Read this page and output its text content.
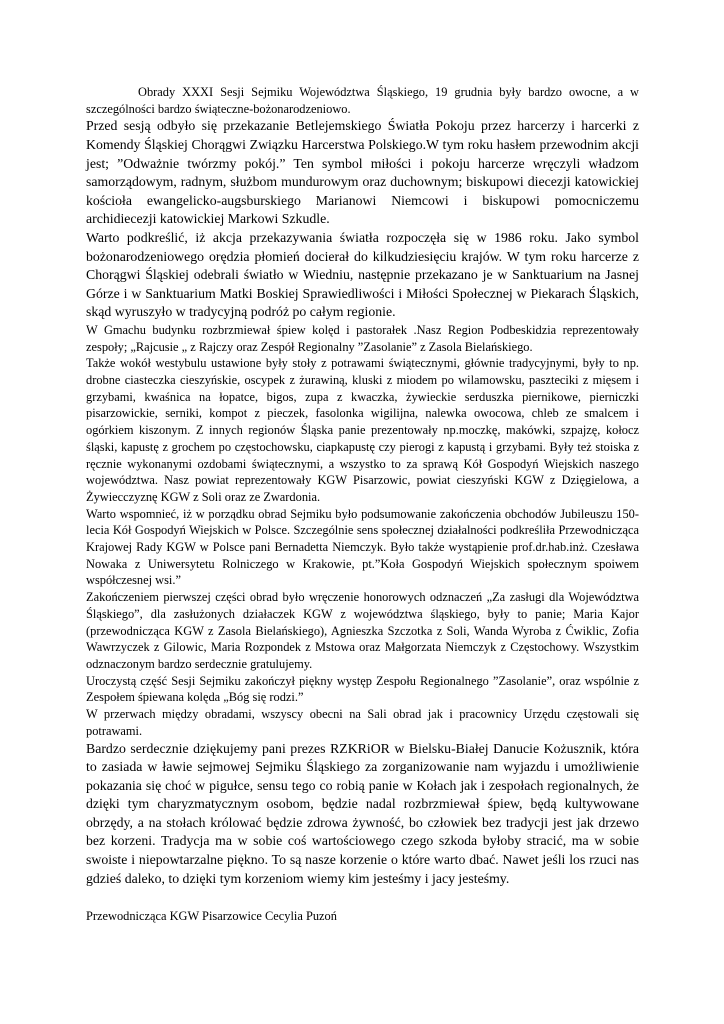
Obrady XXXI Sesji Sejmiku Województwa Śląskiego, 19 grudnia były bardzo owocne, a w szczególności bardzo świąteczne-bożonarodzeniowo.

Przed sesją odbyło się przekazanie Betlejemskiego Światła Pokoju przez harcerzy i harcerki z Komendy Śląskiej Chorągwi Związku Harcerstwa Polskiego.W tym roku hasłem przewodnim akcji jest; ”Odważnie twórzmy pokój.” Ten symbol miłości i pokoju harcerze wręczyli władzom samorządowym, radnym, służbom mundurowym oraz duchownym; biskupowi diecezji katowickiej kościoła ewangelicko-augsburskiego Marianowi Niemcowi i biskupowi pomocniczemu archidiecezji katowickiej Markowi Szkudle.

Warto podkreślić, iż akcja przekazywania światła rozpoczęła się w 1986 roku. Jako symbol bożonarodzeniowego orędzia płomień docierał do kilkudziesięciu krajów. W tym roku harcerze z Chorągwi Śląskiej odebrali światło w Wiedniu, następnie przekazano je w Sanktuarium na Jasnej Górze i w Sanktuarium Matki Boskiej Sprawiedliwości i Miłości Społecznej w Piekarach Śląskich, skąd wyruszyło w tradycyjną podróż po całym regionie.

W Gmachu budynku rozbrzmiewał śpiew kolęd i pastorałek .Nasz Region Podbeskidzia reprezentowały zespoły; „Rajcusie „ z Rajczy oraz Zespół Regionalny ”Zasolanie” z Zasola Bielańskiego.

Także wokół westybulu ustawione były stoły z potrawami świątecznymi, głównie tradycyjnymi, były to np. drobne ciasteczka cieszyńskie, oscypek z żurawiną, kluski z miodem po wilamowsku, paszteciki z mięsem i grzybami, kwaśnica na łopatce, bigos, zupa z kwaczka, żywieckie serduszka piernikowe, pierniczki pisarzowickie, serniki, kompot z pieczek, fasolonka wigilijna, nalewka owocowa, chleb ze smalcem i ogórkiem kiszonym. Z innych regionów Śląska panie prezentowały np.moczkę, makówki, szpajzę, kołocz śląski, kapustę z grochem po częstochowsku, ciapkapustę czy pierogi z kapustą i grzybami. Były też stoiska z ręcznie wykonanymi ozdobami świątecznymi, a wszystko to za sprawą Kół Gospodyń Wiejskich naszego województwa. Nasz powiat reprezentowały KGW Pisarzowic, powiat cieszyński KGW z Dzięgielowa, a Żywiecczyznę KGW z Soli oraz ze Zwardonia.

Warto wspomnieć, iż w porządku obrad Sejmiku było podsumowanie zakończenia obchodów Jubileuszu 150-lecia Kół Gospodyń Wiejskich w Polsce. Szczególnie sens społecznej działalności podkreśliła Przewodnicząca Krajowej Rady KGW w Polsce pani Bernadetta Niemczyk. Było także wystąpienie prof.dr.hab.inż. Czesława Nowaka z Uniwersytetu Rolniczego w Krakowie, pt.”Koła Gospodyń Wiejskich społecznym spoiwem współczesnej wsi.”

Zakończeniem pierwszej części obrad było wręczenie honorowych odznaczeń „Za zasługi dla Województwa Śląskiego”, dla zasłużonych działaczek KGW z województwa śląskiego, były to panie; Maria Kajor (przewodnicząca KGW z Zasola Bielańskiego), Agnieszka Szczotka z Soli, Wanda Wyroba z Ćwiklic, Zofia Wawrzyczek z Gilowic, Maria Rozpondek z Mstowa oraz Małgorzata Niemczyk z Częstochowy. Wszystkim odznaczonym bardzo serdecznie gratulujemy.

Uroczystą część Sesji Sejmiku zakończył piękny występ Zespołu Regionalnego ”Zasolanie”, oraz wspólnie z Zespołem śpiewana kolęda „Bóg się rodzi.”

W przerwach między obradami, wszyscy obecni na Sali obrad jak i pracownicy Urzędu częstowali się potrawami.

Bardzo serdecznie dziękujemy pani prezes RZKRiOR w Bielsku-Białej Danucie Kożusznik, która to zasiada w ławie sejmowej Sejmiku Śląskiego za zorganizowanie nam wyjazdu i umożliwienie pokazania się choć w pigułce, sensu tego co robią panie w Kołach jak i zespołach regionalnych, że dzięki tym charyzmatycznym osobom, będzie nadal rozbrzmiewał śpiew, będą kultywowane obrzędy, a na stołach królować będzie zdrowa żywność, bo człowiek bez tradycji jest jak drzewo bez korzeni. Tradycja ma w sobie coś wartościowego czego szkoda byłoby stracić, ma w sobie swoiste i niepowtarzalne piękno. To są nasze korzenie o które warto dbać. Nawet jeśli los rzuci nas gdzieś daleko, to dzięki tym korzeniom wiemy kim jesteśmy i jacy jesteśmy.

Przewodnicząca KGW Pisarzowice Cecylia Puzoń
